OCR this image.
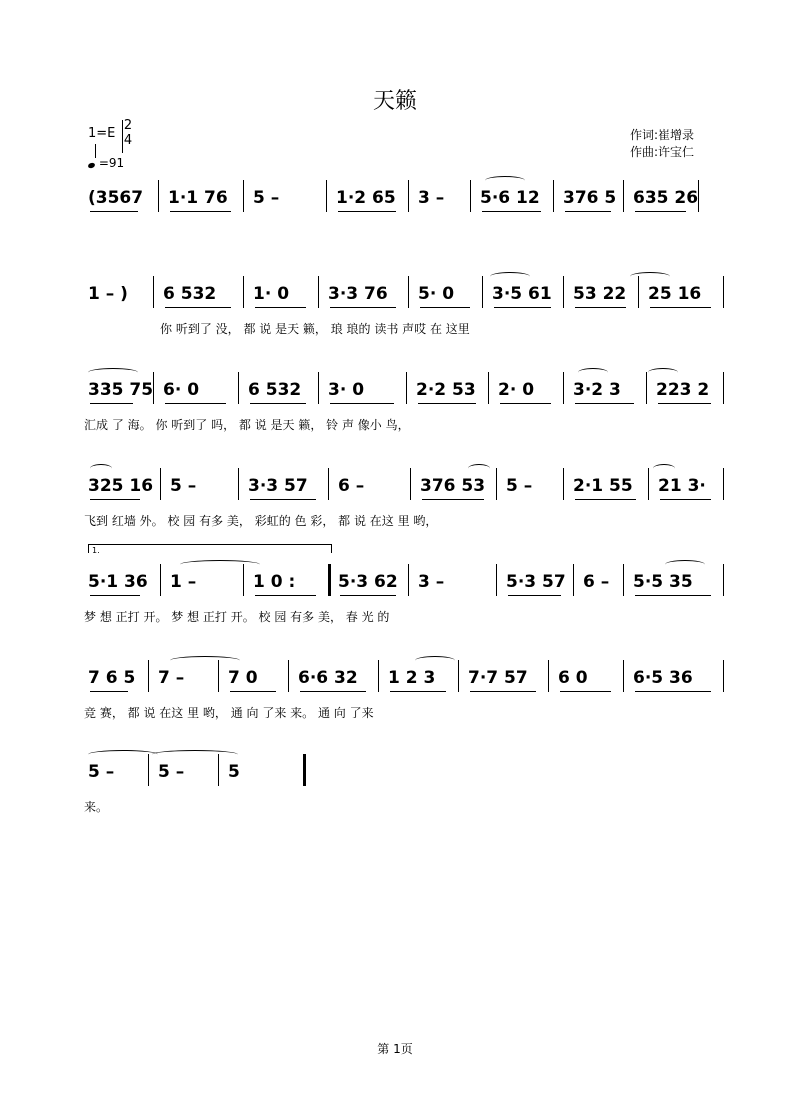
天籁
1=E
2
4
=91
作词:崔增录
作曲:许宝仁
1.
(3567 1·1 76 5 –	1·2 65 3 – 5·6 12 376 5 635 26
1 – ) 6 532 1· 0 3·3 76 5· 0 3·5 61 53 22 25 16
你 听到了 没， 都 说 是天 籁， 琅 琅的 读书 声哎 在 这里
335 75 6· 0	6 532 3· 0	2·2 53 2· 0 3·2 3 223 2
汇成 了 海。 你 听到了 吗， 都 说 是天 籁， 铃 声 像小 鸟，
325 16 5 –	3·3 57 6 –	376 53 5 – 2·1 55 21 3·
飞到 红墙 外。 校 园 有多 美， 彩虹的 色 彩， 都 说 在这 里 哟，
5·1 36 1 –	1 0 :	5·3 62 3 –	5·3 57 6 – 5·5 35
梦 想 正打 开。 梦 想 正打 开。 校 园 有多 美， 春 光 的
7 6 5 7 –	7 0 6·6 32 1 2 3 7·7 57 6 0	6·5 36
竞 赛， 都 说 在这 里 哟， 通 向 了来 来。 通 向 了来
5 –	5 –	5
来。
第 1页
